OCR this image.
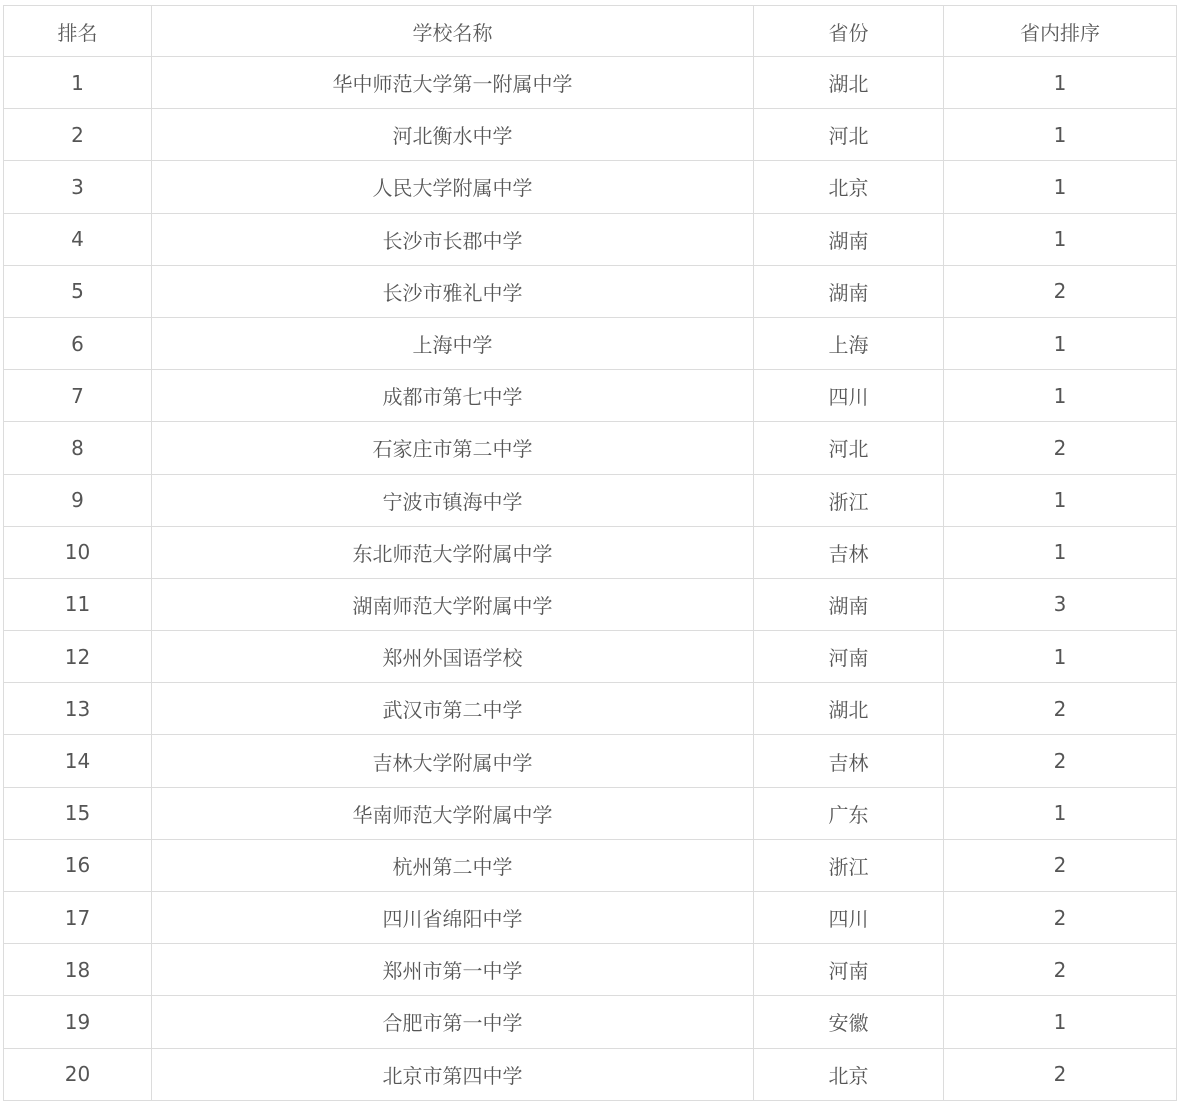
排名	学校名称	省份	省内排序
1	华中师范大学第一附属中学	湖北	1
2	河北衡水中学	河北	1
3	人民大学附属中学	北京	1
4	长沙市长郡中学	湖南	1
5	长沙市雅礼中学	湖南	2
6	上海中学	上海	1
7	成都市第七中学	四川	1
8	石家庄市第二中学	河北	2
9	宁波市镇海中学	浙江	1
10	东北师范大学附属中学	吉林	1
11	湖南师范大学附属中学	湖南	3
12	郑州外国语学校	河南	1
13	武汉市第二中学	湖北	2
14	吉林大学附属中学	吉林	2
15	华南师范大学附属中学	广东	1
16	杭州第二中学	浙江	2
17	四川省绵阳中学	四川	2
18	郑州市第一中学	河南	2
19	合肥市第一中学	安徽	1
20	北京市第四中学	北京	2
